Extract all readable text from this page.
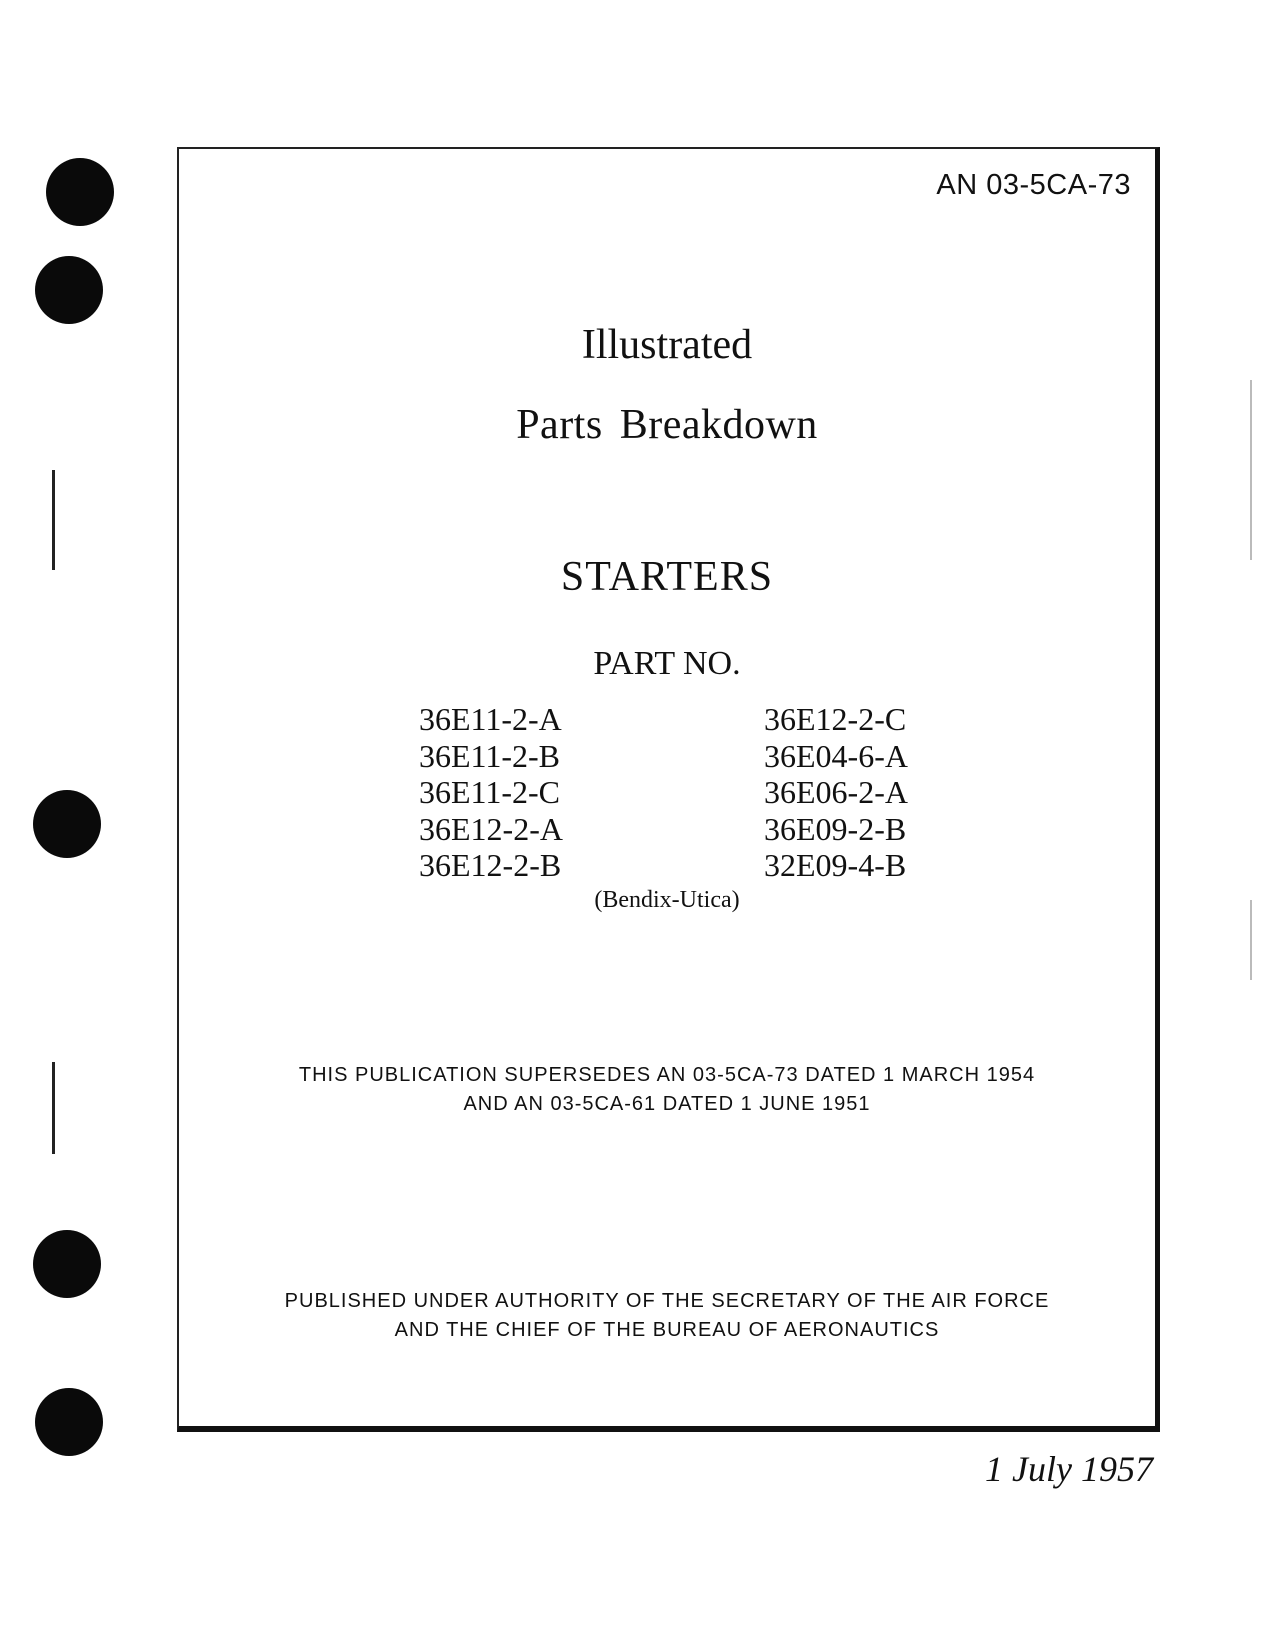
AN 03-5CA-73
Illustrated
Parts Breakdown
STARTERS
PART NO.
36E11-2-A
36E11-2-B
36E11-2-C
36E12-2-A
36E12-2-B
36E12-2-C
36E04-6-A
36E06-2-A
36E09-2-B
32E09-4-B
(Bendix-Utica)
THIS PUBLICATION SUPERSEDES AN 03-5CA-73 DATED 1 MARCH 1954
AND AN 03-5CA-61 DATED 1 JUNE 1951
PUBLISHED UNDER AUTHORITY OF THE SECRETARY OF THE AIR FORCE
AND THE CHIEF OF THE BUREAU OF AERONAUTICS
1 July 1957
